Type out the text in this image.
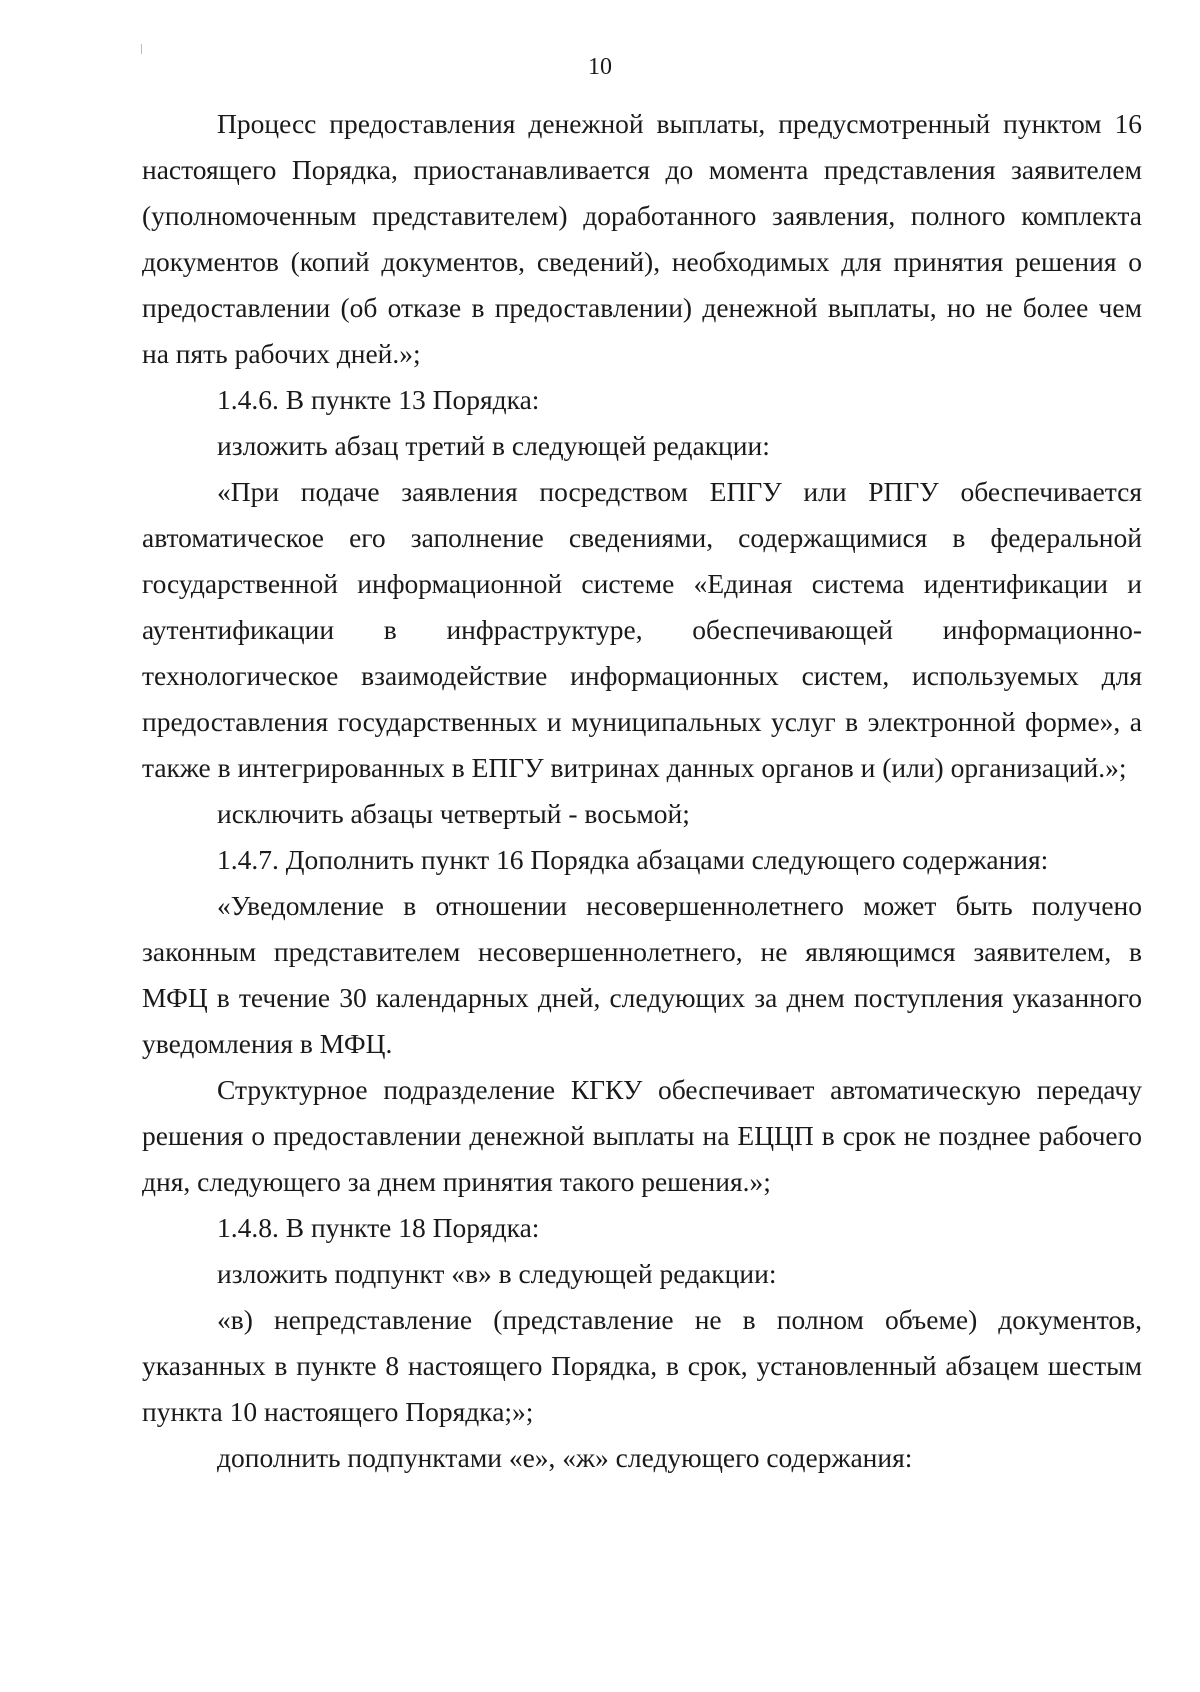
10

Процесс предоставления денежной выплаты, предусмотренный пунктом 16 настоящего Порядка, приостанавливается до момента представления заявителем (уполномоченным представителем) доработанного заявления, полного комплекта документов (копий документов, сведений), необходимых для принятия решения о предоставлении (об отказе в предоставлении) денежной выплаты, но не более чем на пять рабочих дней.»;

1.4.6. В пункте 13 Порядка:

изложить абзац третий в следующей редакции:

«При подаче заявления посредством ЕПГУ или РПГУ обеспечивается автоматическое его заполнение сведениями, содержащимися в федеральной государственной информационной системе «Единая система идентификации и аутентификации в инфраструктуре, обеспечивающей информационно-технологическое взаимодействие информационных систем, используемых для предоставления государственных и муниципальных услуг в электронной форме», а также в интегрированных в ЕПГУ витринах данных органов и (или) организаций.»;

исключить абзацы четвертый - восьмой;

1.4.7. Дополнить пункт 16 Порядка абзацами следующего содержания:

«Уведомление в отношении несовершеннолетнего может быть получено законным представителем несовершеннолетнего, не являющимся заявителем, в МФЦ в течение 30 календарных дней, следующих за днем поступления указанного уведомления в МФЦ.

Структурное подразделение КГКУ обеспечивает автоматическую передачу решения о предоставлении денежной выплаты на ЕЦЦП в срок не позднее рабочего дня, следующего за днем принятия такого решения.»;

1.4.8. В пункте 18 Порядка:

изложить подпункт «в» в следующей редакции:

«в) непредставление (представление не в полном объеме) документов, указанных в пункте 8 настоящего Порядка, в срок, установленный абзацем шестым пункта 10 настоящего Порядка;»;

дополнить подпунктами «е», «ж» следующего содержания:
